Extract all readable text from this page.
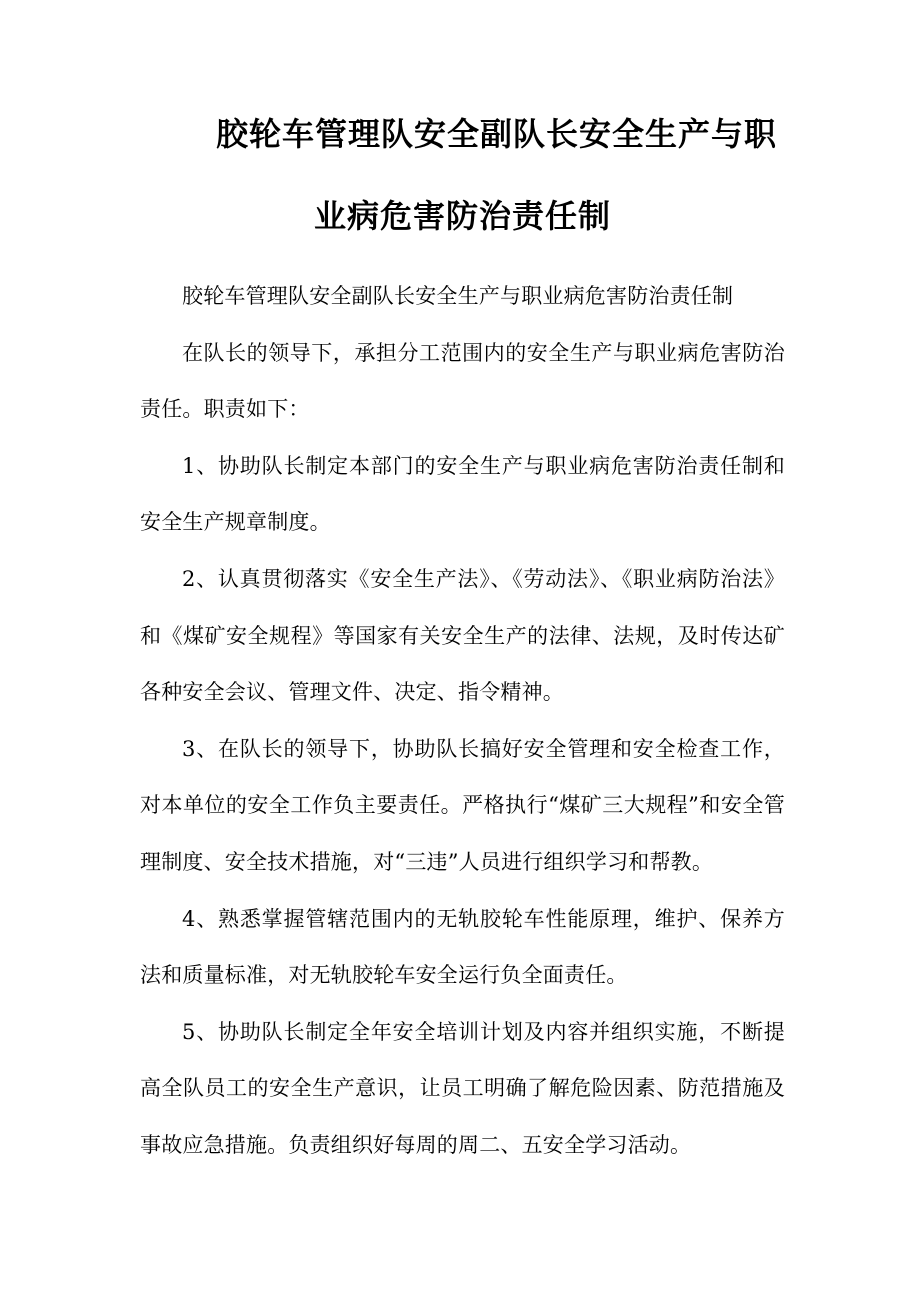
胶轮车管理队安全副队长安全生产与职
业病危害防治责任制

胶轮车管理队安全副队长安全生产与职业病危害防治责任制

在队长的领导下，承担分工范围内的安全生产与职业病危害防治责任。职责如下：

1、协助队长制定本部门的安全生产与职业病危害防治责任制和安全生产规章制度。

2、认真贯彻落实《安全生产法》、《劳动法》、《职业病防治法》和《煤矿安全规程》等国家有关安全生产的法律、法规，及时传达矿各种安全会议、管理文件、决定、指令精神。

3、在队长的领导下，协助队长搞好安全管理和安全检查工作，对本单位的安全工作负主要责任。严格执行“煤矿三大规程”和安全管理制度、安全技术措施，对“三违”人员进行组织学习和帮教。

4、熟悉掌握管辖范围内的无轨胶轮车性能原理，维护、保养方法和质量标准，对无轨胶轮车安全运行负全面责任。

5、协助队长制定全年安全培训计划及内容并组织实施，不断提高全队员工的安全生产意识，让员工明确了解危险因素、防范措施及事故应急措施。负责组织好每周的周二、五安全学习活动。
